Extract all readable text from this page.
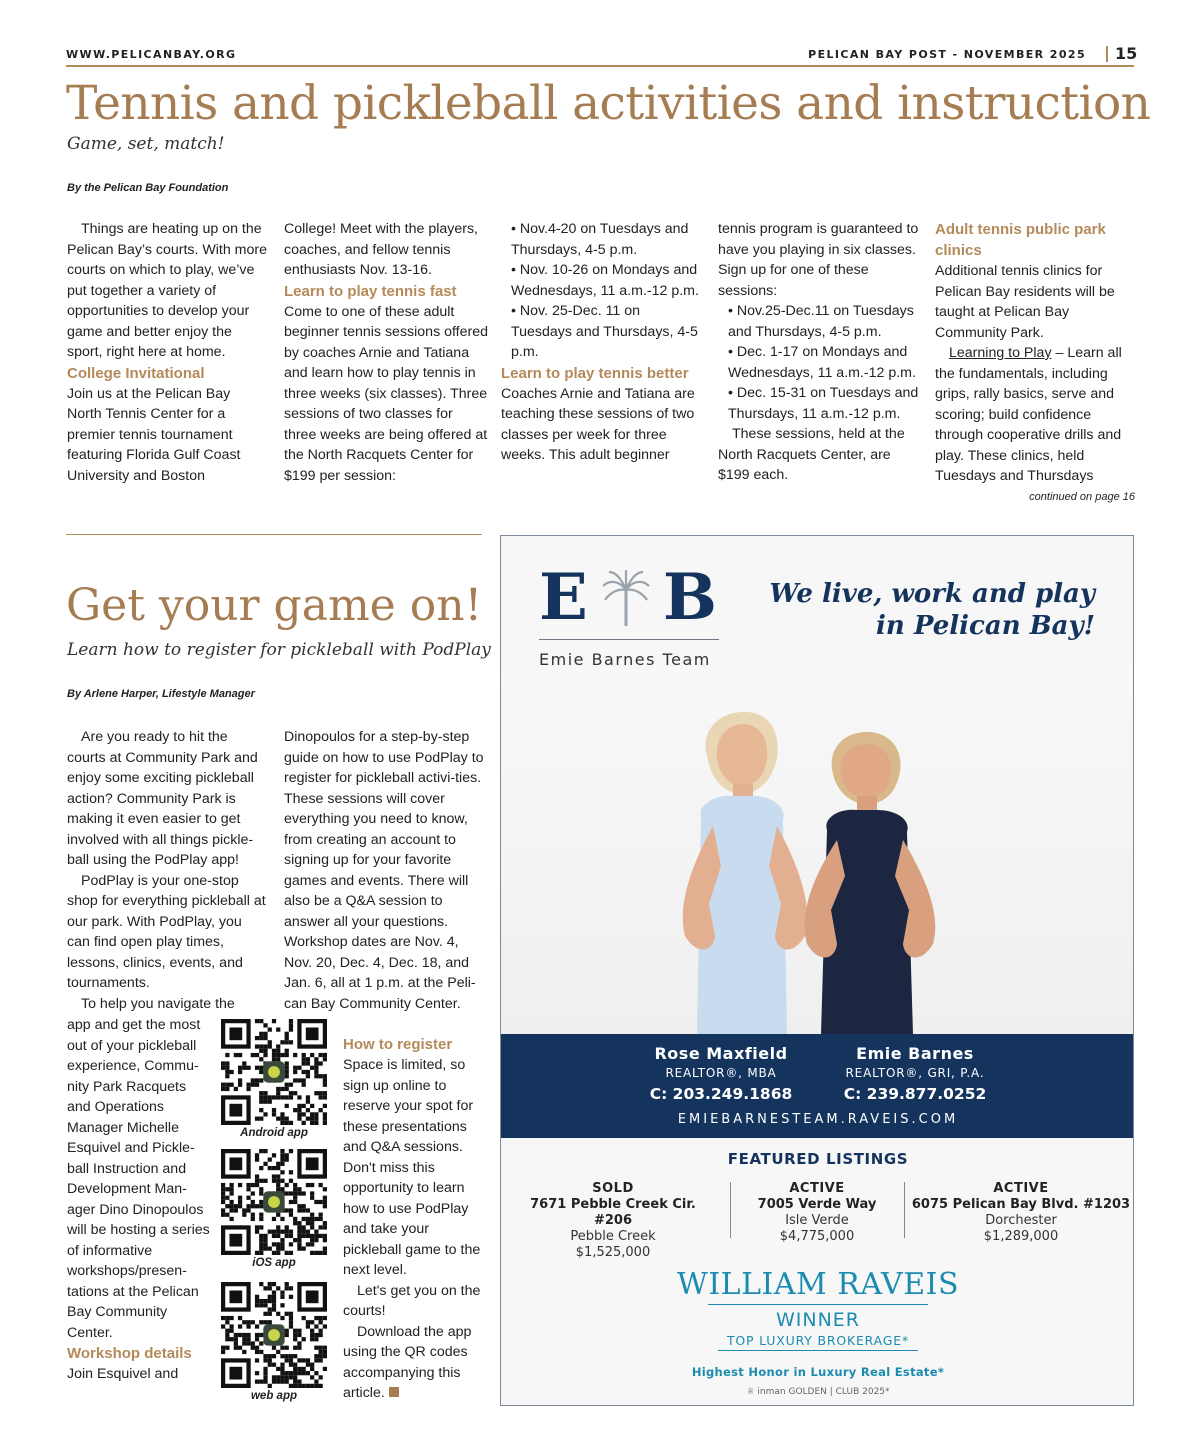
WWW.PELICANBAY.ORG	PELICAN BAY POST - NOVEMBER 2025 15
Tennis and pickleball activities and instruction
Game, set, match!
By the Pelican Bay Foundation

Things are heating up on the Pelican Bay’s courts. With more courts on which to play, we’ve put together a variety of opportunities to develop your game and better enjoy the sport, right here at home.

College Invitational

Join us at the Pelican Bay North Tennis Center for a premier tennis tournament featuring Florida Gulf Coast University and Boston

College! Meet with the players, coaches, and fellow tennis enthusiasts Nov. 13-16.

Learn to play tennis fast

Come to one of these adult beginner tennis sessions offered by coaches Arnie and Tatiana and learn how to play tennis in three weeks (six classes). Three sessions of two classes for three weeks are being offered at the North Racquets Center for $199 per session:

• Nov.4-20 on Tuesdays and Thursdays, 4-5 p.m.

• Nov. 10-26 on Mondays and Wednesdays, 11 a.m.-12 p.m.

• Nov. 25-Dec. 11 on Tuesdays and Thursdays, 4-5 p.m.

Learn to play tennis better

Coaches Arnie and Tatiana are teaching these sessions of two classes per week for three weeks. This adult beginner

tennis program is guaranteed to have you playing in six classes. Sign up for one of these sessions:

• Nov.25-Dec.11 on Tuesdays and Thursdays, 4-5 p.m.

• Dec. 1-17 on Mondays and Wednesdays, 11 a.m.-12 p.m.

• Dec. 15-31 on Tuesdays and Thursdays, 11 a.m.-12 p.m.

These sessions, held at the North Racquets Center, are $199 each.

Adult tennis public park clinics

Additional tennis clinics for Pelican Bay residents will be taught at Pelican Bay Community Park.

Learning to Play – Learn all the fundamentals, including grips, rally basics, serve and scoring; build confidence through cooperative drills and play. These clinics, held Tuesdays and Thursdays

continued on page 16

Get your game on!
Learn how to register for pickleball with PodPlay
By Arlene Harper, Lifestyle Manager

Are you ready to hit the courts at Community Park and enjoy some exciting pickleball action? Community Park is making it even easier to get involved with all things pickle-ball using the PodPlay app!

PodPlay is your one-stop shop for everything pickleball at our park. With PodPlay, you can find open play times, lessons, clinics, events, and tournaments.

To help you navigate the

app and get the most out of your pickleball experience, Commu-nity Park Racquets and Operations Manager Michelle Esquivel and Pickle-ball Instruction and Development Man-ager Dino Dinopoulos will be hosting a series of informative workshops/presen-tations at the Pelican Bay Community Center.

Workshop details

Join Esquivel and

Android app
iOS app
web app

Dinopoulos for a step-by-step guide on how to use PodPlay to register for pickleball activi-ties. These sessions will cover everything you need to know, from creating an account to signing up for your favorite games and events. There will also be a Q&A session to answer all your questions. Workshop dates are Nov. 4, Nov. 20, Dec. 4, Dec. 18, and Jan. 6, all at 1 p.m. at the Peli-can Bay Community Center.

How to register

Space is limited, so sign up online to reserve your spot for these presentations and Q&A sessions. Don't miss this opportunity to learn how to use PodPlay and take your pickleball game to the next level.

Let's get you on the courts!

Download the app using the QR codes accompanying this article.

E B
Emie Barnes Team
We live, work and play
in Pelican Bay!
Rose Maxfield
REALTOR®, MBA
C: 203.249.1868
Emie Barnes
REALTOR®, GRI, P.A.
C: 239.877.0252
EMIEBARNESTEAM.RAVEIS.COM
FEATURED LISTINGS
SOLD
7671 Pebble Creek Cir. #206
Pebble Creek
$1,525,000
ACTIVE
7005 Verde Way
Isle Verde
$4,775,000
ACTIVE
6075 Pelican Bay Blvd. #1203
Dorchester
$1,289,000
WILLIAM RAVEIS
WINNER
TOP LUXURY BROKERAGE*
Highest Honor in Luxury Real Estate*
♕ inman GOLDEN | CLUB 2025*
